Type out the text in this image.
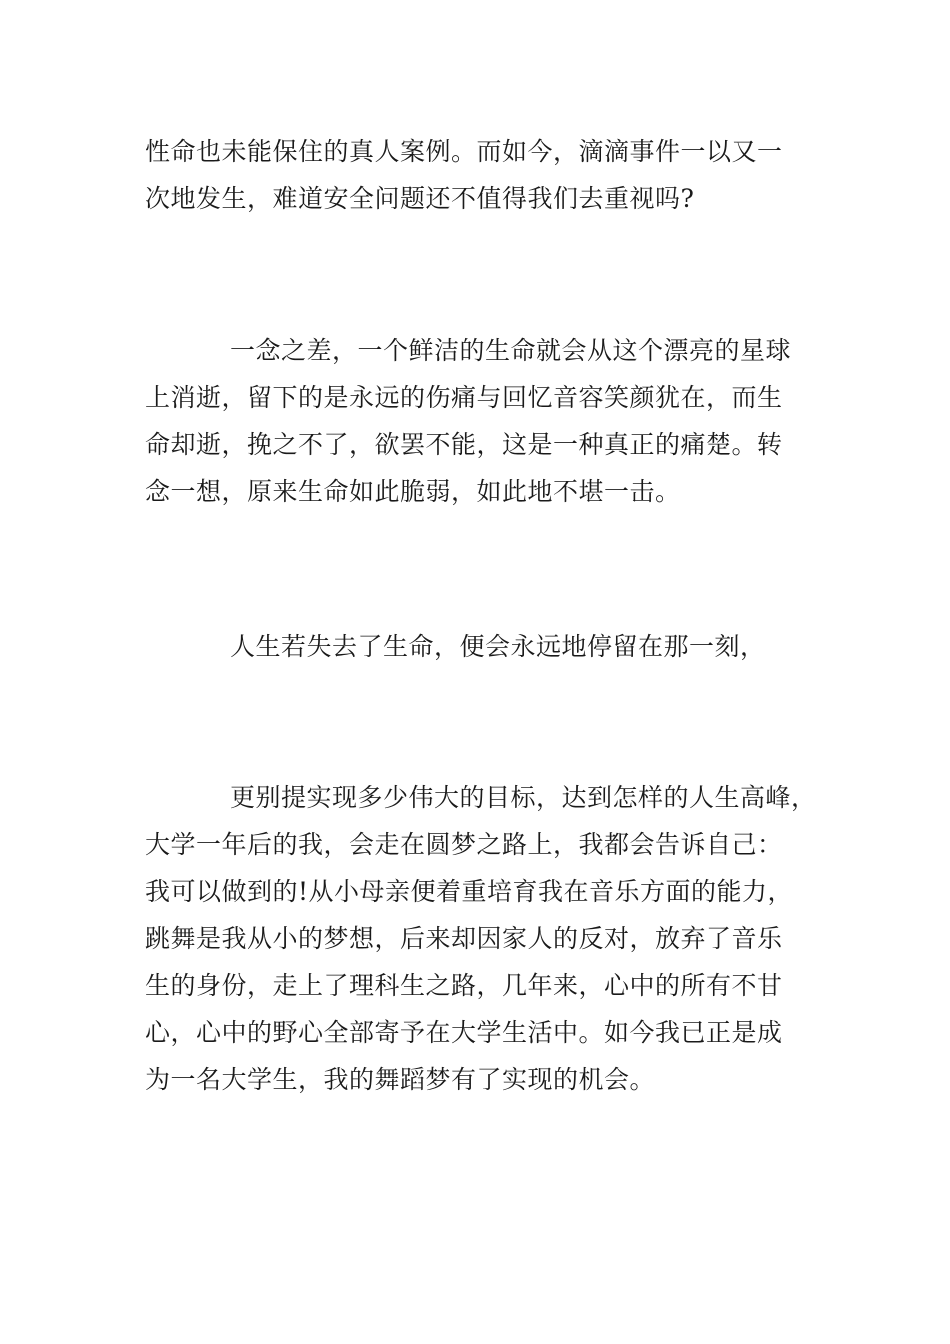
性命也未能保住的真人案例。而如今，滴滴事件一以又一
次地发生，难道安全问题还不值得我们去重视吗?
一念之差，一个鲜洁的生命就会从这个漂亮的星球
上消逝，留下的是永远的伤痛与回忆音容笑颜犹在，而生
命却逝，挽之不了，欲罢不能，这是一种真正的痛楚。转
念一想，原来生命如此脆弱，如此地不堪一击。
人生若失去了生命，便会永远地停留在那一刻，
更别提实现多少伟大的目标，达到怎样的人生高峰，
大学一年后的我，会走在圆梦之路上，我都会告诉自己：
我可以做到的!从小母亲便着重培育我在音乐方面的能力，
跳舞是我从小的梦想，后来却因家人的反对，放弃了音乐
生的身份，走上了理科生之路，几年来，心中的所有不甘
心，心中的野心全部寄予在大学生活中。如今我已正是成
为一名大学生，我的舞蹈梦有了实现的机会。
